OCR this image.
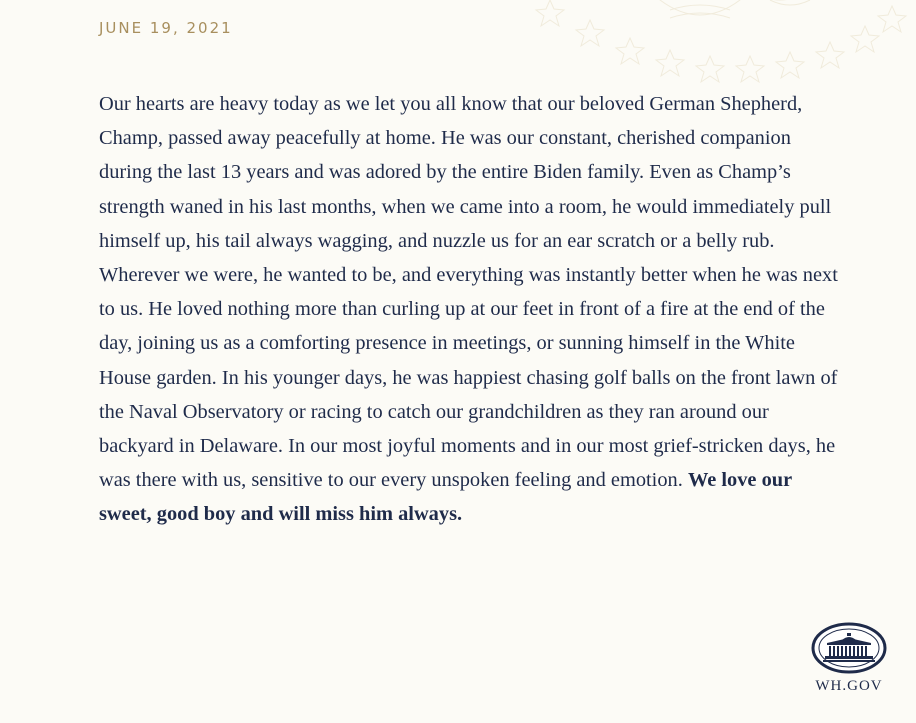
JUNE 19, 2021

Our hearts are heavy today as we let you all know that our beloved German Shepherd, Champ, passed away peacefully at home. He was our constant, cherished companion during the last 13 years and was adored by the entire Biden family. Even as Champ’s strength waned in his last months, when we came into a room, he would immediately pull himself up, his tail always wagging, and nuzzle us for an ear scratch or a belly rub. Wherever we were, he wanted to be, and everything was instantly better when he was next to us. He loved nothing more than curling up at our feet in front of a fire at the end of the day, joining us as a comforting presence in meetings, or sunning himself in the White House garden. In his younger days, he was happiest chasing golf balls on the front lawn of the Naval Observatory or racing to catch our grandchildren as they ran around our backyard in Delaware. In our most joyful moments and in our most grief-stricken days, he was there with us, sensitive to our every unspoken feeling and emotion. We love our sweet, good boy and will miss him always.

WH.GOV
